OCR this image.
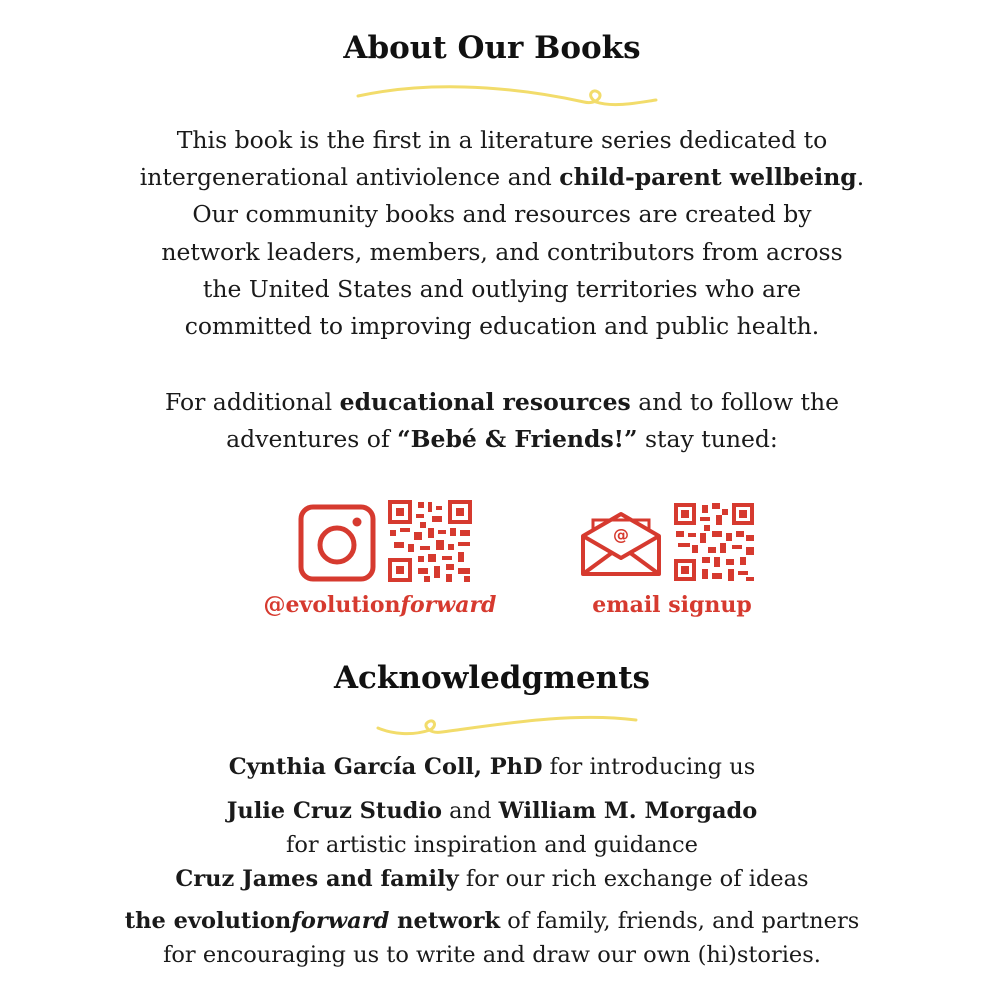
About Our Books
This book is the first in a literature series dedicated to
intergenerational antiviolence and child-parent wellbeing.
Our community books and resources are created by
network leaders, members, and contributors from across
the United States and outlying territories who are
committed to improving education and public health.
For additional educational resources and to follow the
adventures of “Bebé & Friends!” stay tuned:
@
@evolutionforward	email signup
Acknowledgments
Cynthia García Coll, PhD for introducing us
Julie Cruz Studio and William M. Morgado
for artistic inspiration and guidance
Cruz James and family for our rich exchange of ideas
the evolutionforward network of family, friends, and partners
for encouraging us to write and draw our own (hi)stories.
